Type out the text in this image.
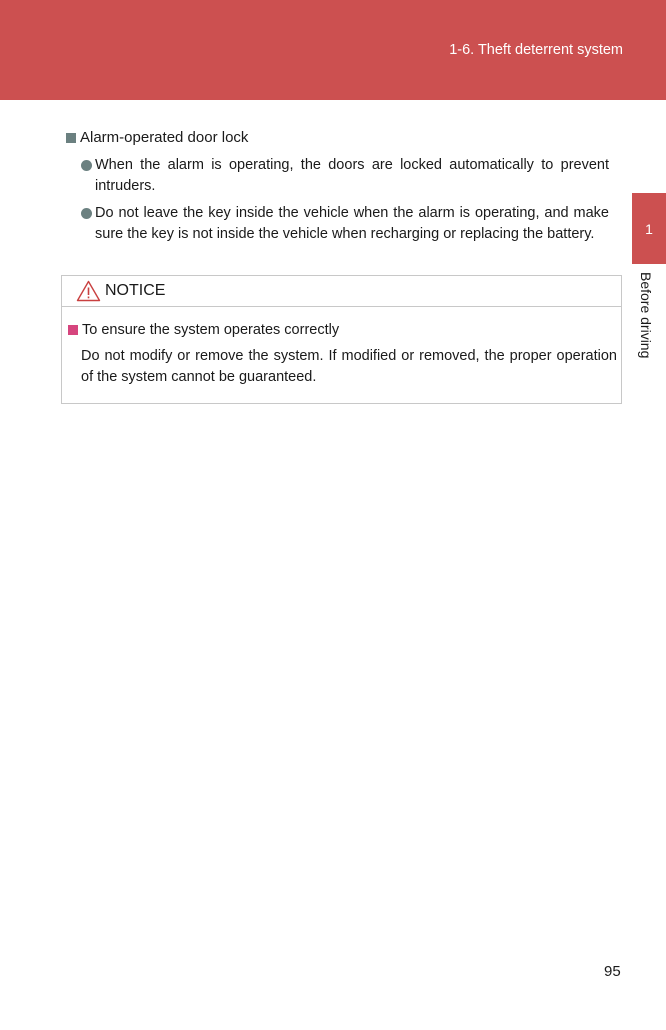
1-6. Theft deterrent system
1
Before driving
Alarm-operated door lock
When the alarm is operating, the doors are locked automatically to prevent intruders.
Do not leave the key inside the vehicle when the alarm is operating, and make sure the key is not inside the vehicle when recharging or replacing the battery.
NOTICE
To ensure the system operates correctly
Do not modify or remove the system. If modified or removed, the proper operation of the system cannot be guaranteed.
95
